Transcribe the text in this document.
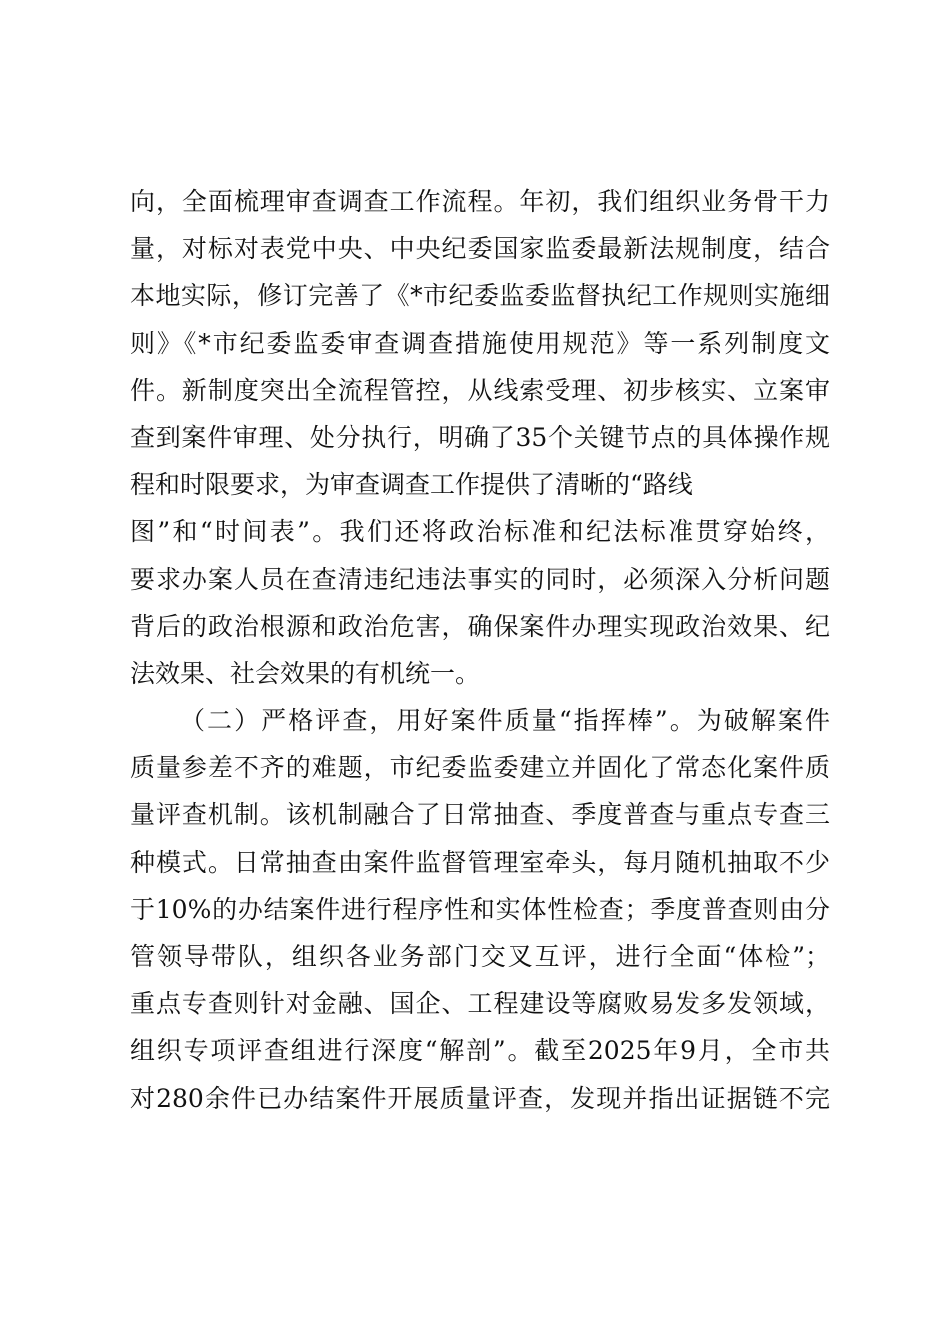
向，全面梳理审查调查工作流程。年初，我们组织业务骨干力
量，对标对表党中央、中央纪委国家监委最新法规制度，结合
本地实际，修订完善了《*市纪委监委监督执纪工作规则实施细
则》《*市纪委监委审查调查措施使用规范》等一系列制度文
件。新制度突出全流程管控，从线索受理、初步核实、立案审
查到案件审理、处分执行，明确了35个关键节点的具体操作规
程和时限要求，为审查调查工作提供了清晰的“路线
图”和“时间表”。我们还将政治标准和纪法标准贯穿始终，
要求办案人员在查清违纪违法事实的同时，必须深入分析问题
背后的政治根源和政治危害，确保案件办理实现政治效果、纪
法效果、社会效果的有机统一。
（二）严格评查，用好案件质量“指挥棒”。为破解案件
质量参差不齐的难题，市纪委监委建立并固化了常态化案件质
量评查机制。该机制融合了日常抽查、季度普查与重点专查三
种模式。日常抽查由案件监督管理室牵头，每月随机抽取不少
于10%的办结案件进行程序性和实体性检查；季度普查则由分
管领导带队，组织各业务部门交叉互评，进行全面“体检”；
重点专查则针对金融、国企、工程建设等腐败易发多发领域，
组织专项评查组进行深度“解剖”。截至2025年9月，全市共
对280余件已办结案件开展质量评查，发现并指出证据链不完
